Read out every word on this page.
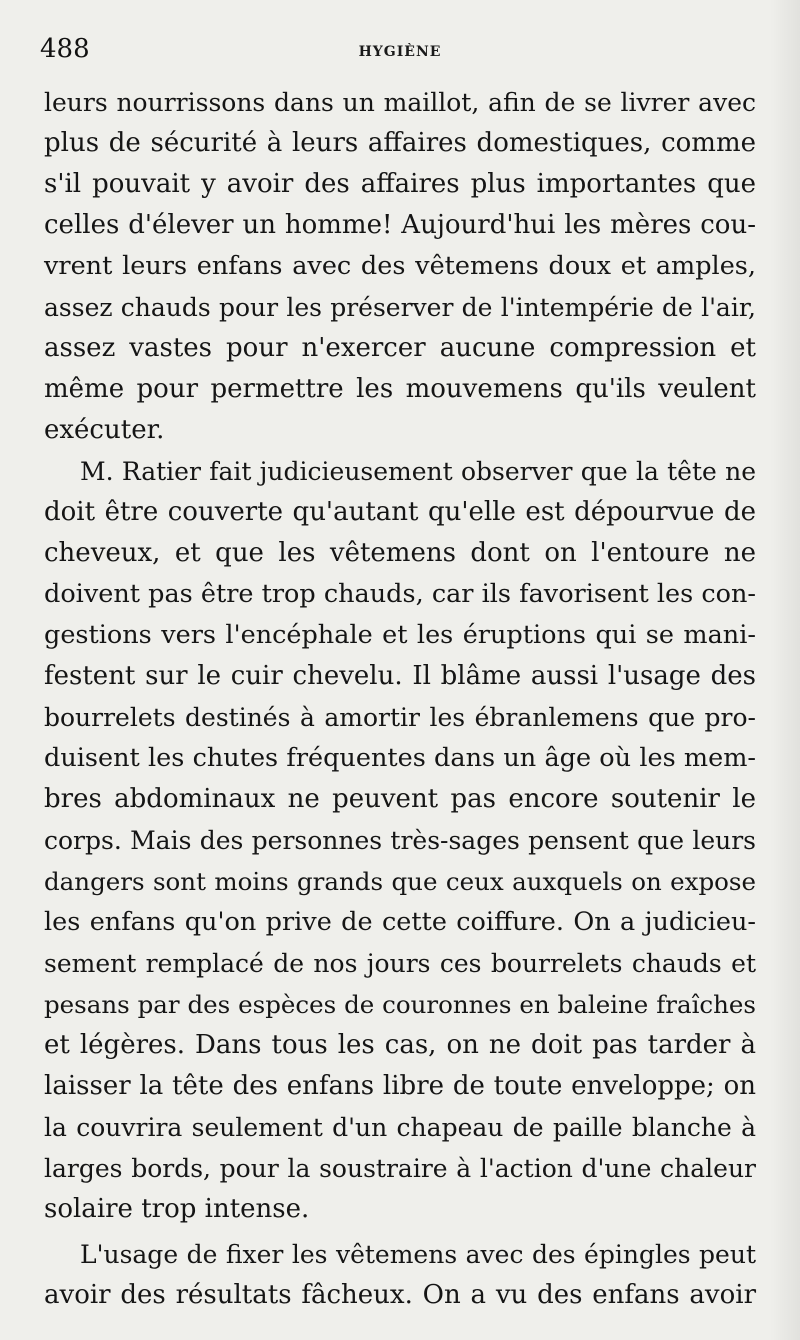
488	HYGIÈNE
leurs nourrissons dans un maillot, afin de se livrer avec
plus de sécurité à leurs affaires domestiques, comme
s'il pouvait y avoir des affaires plus importantes que
celles d'élever un homme! Aujourd'hui les mères cou-
vrent leurs enfans avec des vêtemens doux et amples,
assez chauds pour les préserver de l'intempérie de l'air,
assez vastes pour n'exercer aucune compression et
même pour permettre les mouvemens qu'ils veulent
exécuter.
M. Ratier fait judicieusement observer que la tête ne
doit être couverte qu'autant qu'elle est dépourvue de
cheveux, et que les vêtemens dont on l'entoure ne
doivent pas être trop chauds, car ils favorisent les con-
gestions vers l'encéphale et les éruptions qui se mani-
festent sur le cuir chevelu. Il blâme aussi l'usage des
bourrelets destinés à amortir les ébranlemens que pro-
duisent les chutes fréquentes dans un âge où les mem-
bres abdominaux ne peuvent pas encore soutenir le
corps. Mais des personnes très-sages pensent que leurs
dangers sont moins grands que ceux auxquels on expose
les enfans qu'on prive de cette coiffure. On a judicieu-
sement remplacé de nos jours ces bourrelets chauds et
pesans par des espèces de couronnes en baleine fraîches
et légères. Dans tous les cas, on ne doit pas tarder à
laisser la tête des enfans libre de toute enveloppe; on
la couvrira seulement d'un chapeau de paille blanche à
larges bords, pour la soustraire à l'action d'une chaleur
solaire trop intense.
L'usage de fixer les vêtemens avec des épingles peut
avoir des résultats fâcheux. On a vu des enfans avoir
